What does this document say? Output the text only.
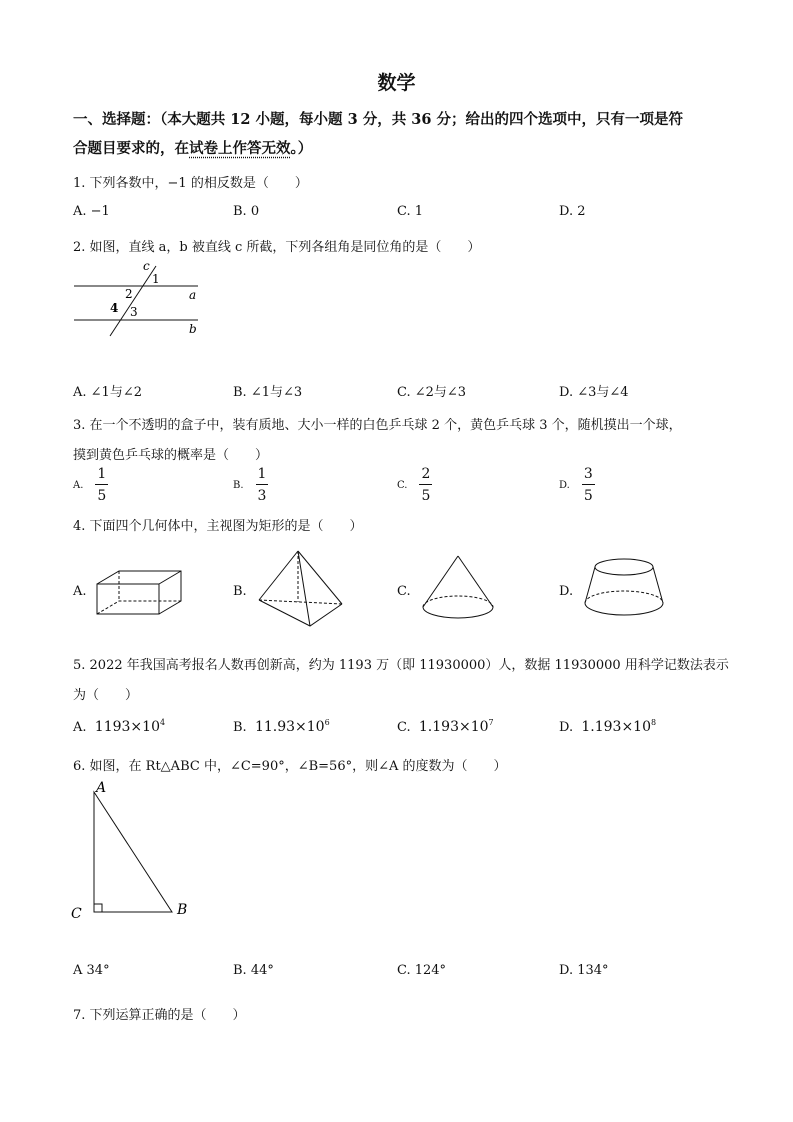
数学
一、选择题：（本大题共 12 小题，每小题 3 分，共 36 分；给出的四个选项中，只有一项是符
合题目要求的，在试卷上作答无效。）
1. 下列各数中，−1 的相反数是（　　）
A. −1	B. 0	C. 1	D. 2
2. 如图，直线 a，b 被直线 c 所截，下列各组角是同位角的是（　　）
c
a
b
1
2
3
4
A. ∠1与∠2	B. ∠1与∠3	C. ∠2与∠3	D. ∠3与∠4
3. 在一个不透明的盒子中，装有质地、大小一样的白色乒乓球 2 个，黄色乒乓球 3 个，随机摸出一个球，
摸到黄色乒乓球的概率是（　　）
A. $\frac{1}{5}$	B. $\frac{1}{3}$	C. $\frac{2}{5}$	D. $\frac{3}{5}$
4. 下面四个几何体中，主视图为矩形的是（　　）
A.	B.	C.	D.
5. 2022 年我国高考报名人数再创新高，约为 1193 万（即 11930000）人，数据 11930000 用科学记数法表示
为（　　）
A. $1193\times 10^4$	B. $11.93\times 10^6$	C. $1.193\times 10^7$	D. $1.193\times 10^8$
6. 如图，在 Rt△ABC 中，∠C=90°，∠B=56°，则∠A 的度数为（　　）
A
C	B
A 34°	B. 44°	C. 124°	D. 134°
7. 下列运算正确的是（　　）
